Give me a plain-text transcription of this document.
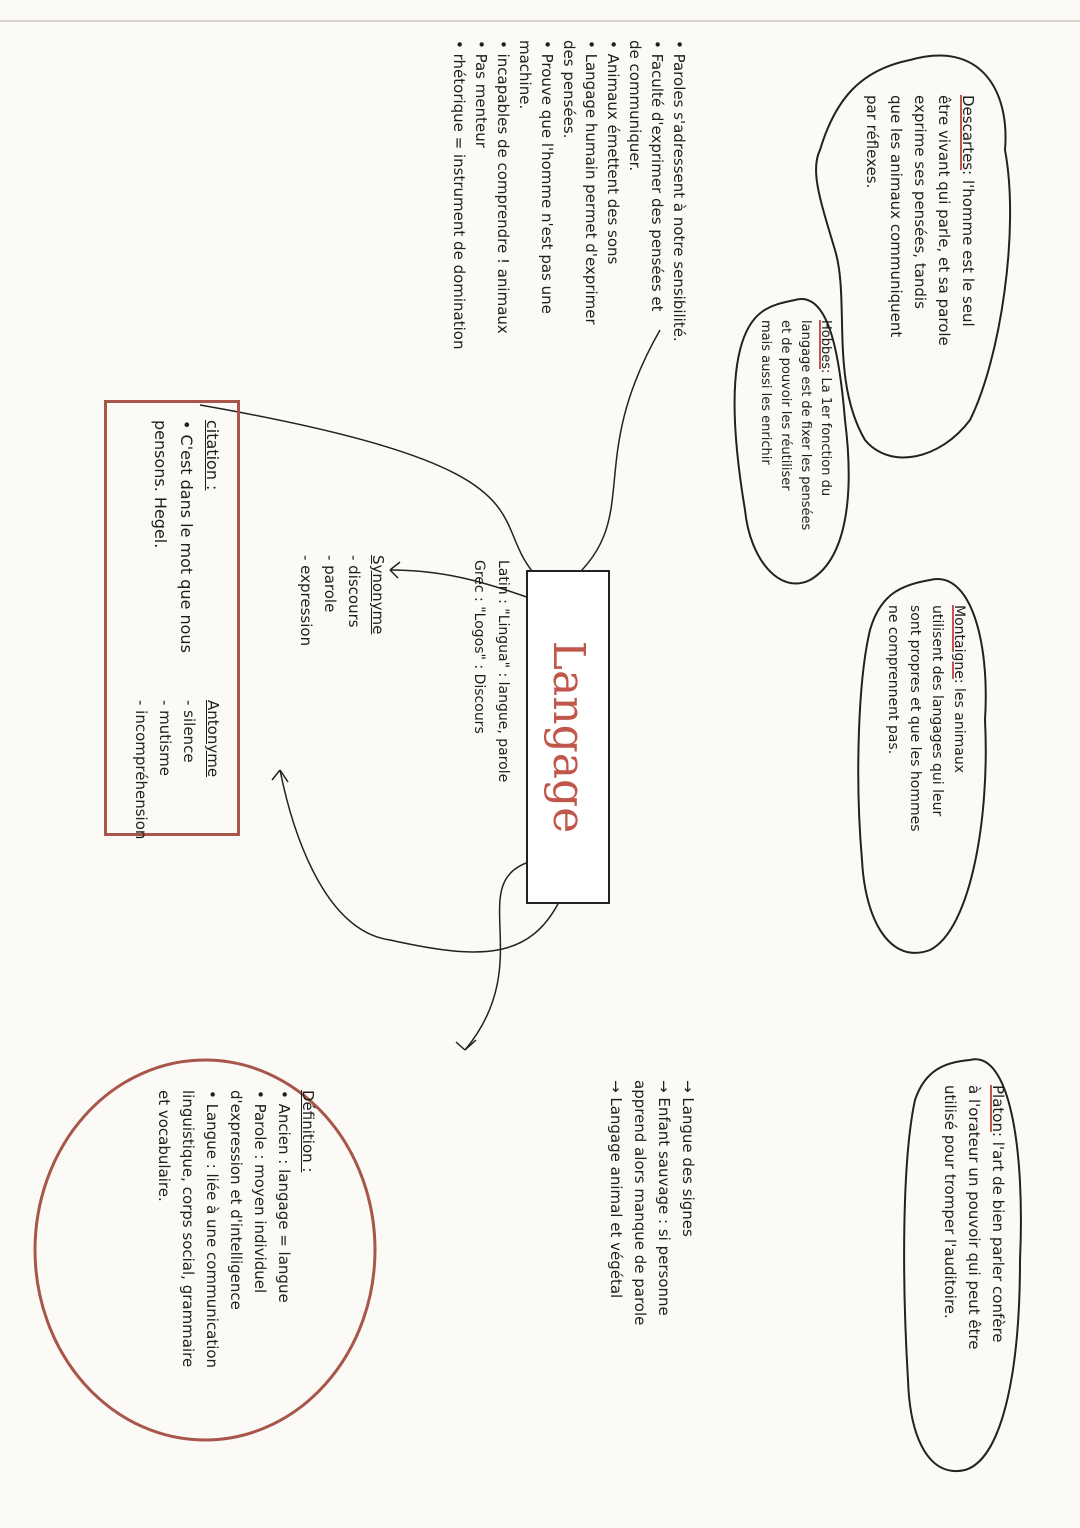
Descartes: l'homme est le seul
être vivant qui parle, et sa parole
exprime ses pensées, tandis
que les animaux communiquent
par réflexes.
Hobbes: La 1er fonction du
langage est de fixer les pensées
et de pouvoir les réutiliser
mais aussi les enrichir
Montaigne: les animaux
utilisent des langages qui leur
sont propres et que les hommes
ne comprennent pas.
Platon: l'art de bien parler confère
à l'orateur un pouvoir qui peut être
utilisé pour tromper l'auditoire.
• Paroles s'adressent à notre sensibilité.
• Faculté d'exprimer des pensées et
de communiquer.
• Animaux émettent des sons
• Langage humain permet d'exprimer
des pensées.
• Prouve que l'homme n'est pas une
machine.
• incapables de comprendre ! animaux
• Pas menteur
• rhétorique = instrument de domination
citation :
• C'est dans le mot que nous
pensons. Hegel.
Langage
Latin : "Lingua" : langue, parole
Grec : "Logos" : Discours
Synonyme
- discours
- parole
- expression
Antonyme
- silence
- mutisme
- incompréhension
→ Langue des signes
→ Enfant sauvage : si personne
apprend alors manque de parole
→ Langage animal et végétal
Définition :
• Ancien : langage = langue
• Parole : moyen individuel
d'expression et d'intelligence
• Langue : liée à une communication
linguistique, corps social, grammaire
et vocabulaire.
